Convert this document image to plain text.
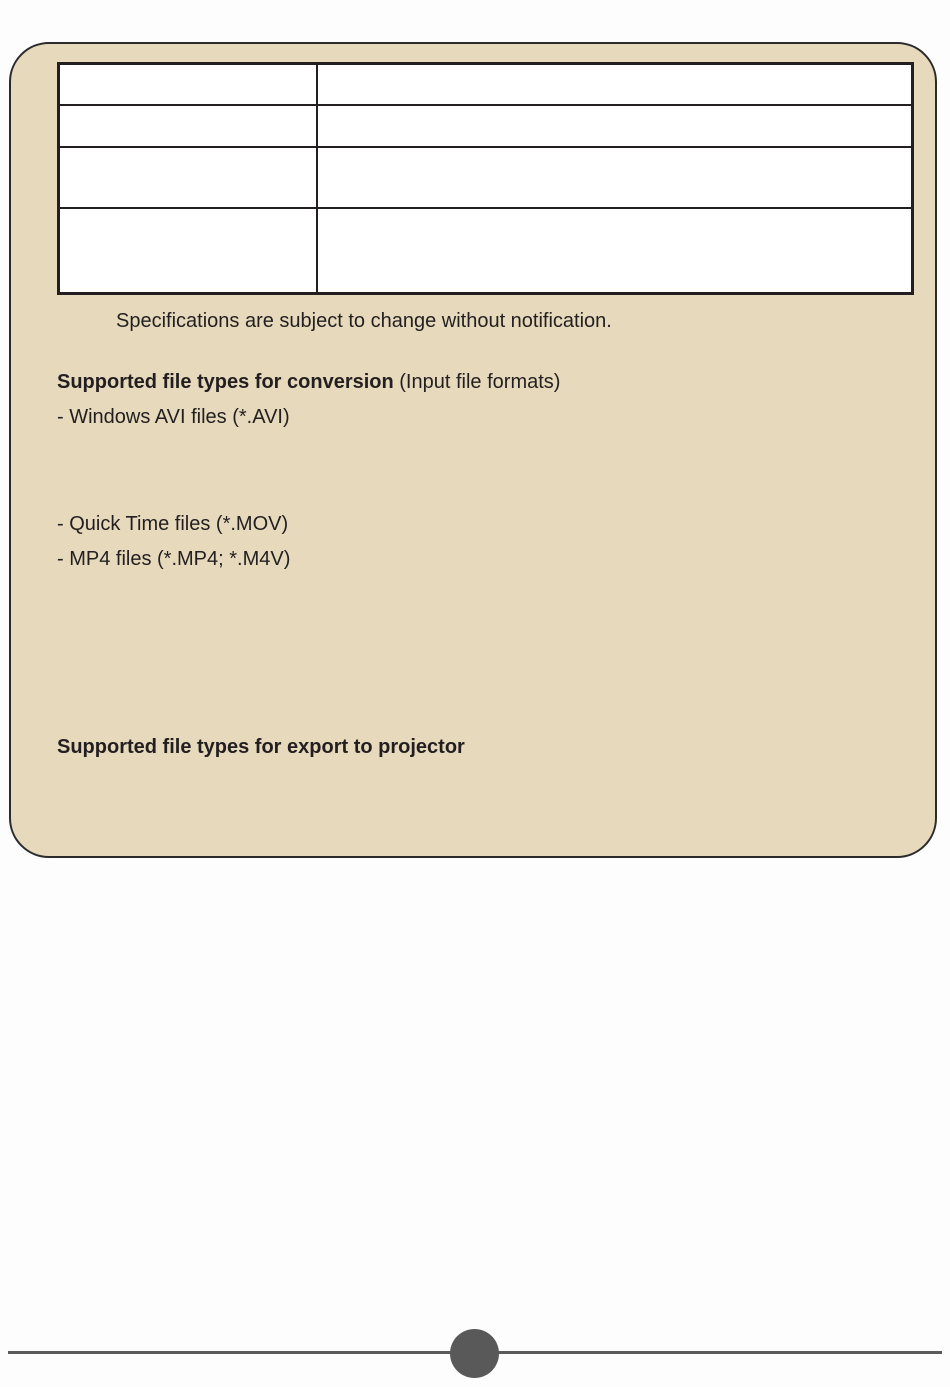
Specifications are subject to change without notification.

Supported file types for conversion (Input file formats)

- Windows AVI files (*.AVI)

- Quick Time files (*.MOV)

- MP4 files (*.MP4; *.M4V)

Supported file types for export to projector
